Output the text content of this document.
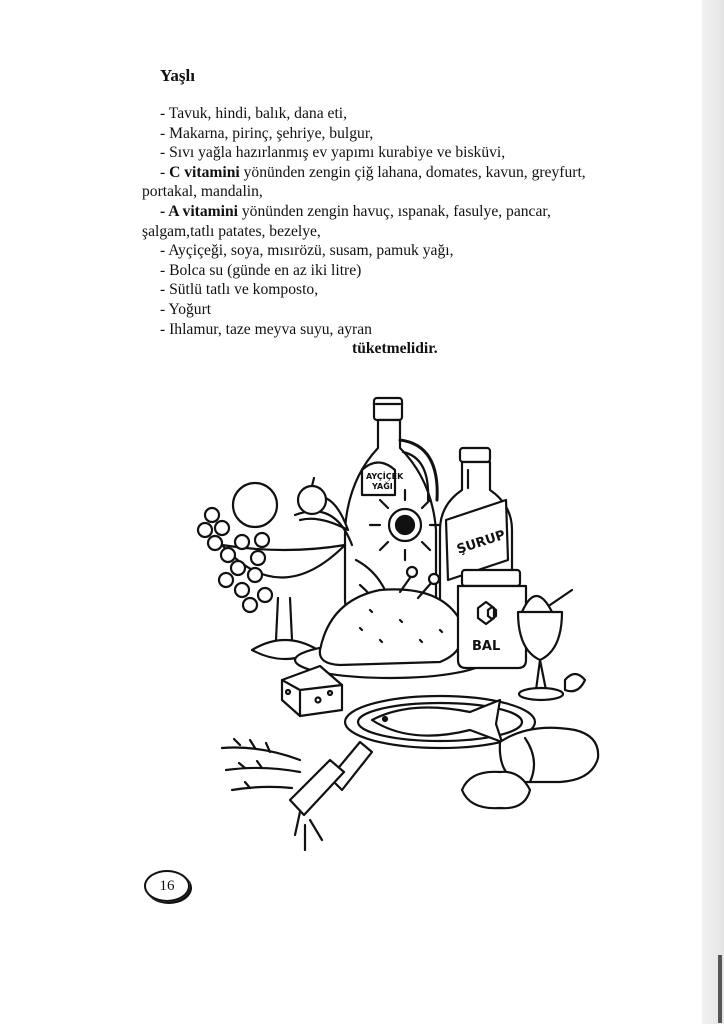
Yaşlı
- Tavuk, hindi, balık, dana eti,
- Makarna, pirinç, şehriye, bulgur,
- Sıvı yağla hazırlanmış ev yapımı kurabiye ve bisküvi,
- C vitamini yönünden zengin çiğ lahana, domates, kavun, greyfurt,
portakal, mandalin,
- A vitamini yönünden zengin havuç, ıspanak, fasulye, pancar,
şalgam,tatlı patates, bezelye,
- Ayçiçeği, soya, mısırözü, susam, pamuk yağı,
- Bolca su (günde en az iki litre)
- Sütlü tatlı ve komposto,
- Yoğurt
- Ihlamur, taze meyva suyu, ayran
tüketmelidir.
AYÇİÇEK
YAĞI
ŞURUP
BAL
16
